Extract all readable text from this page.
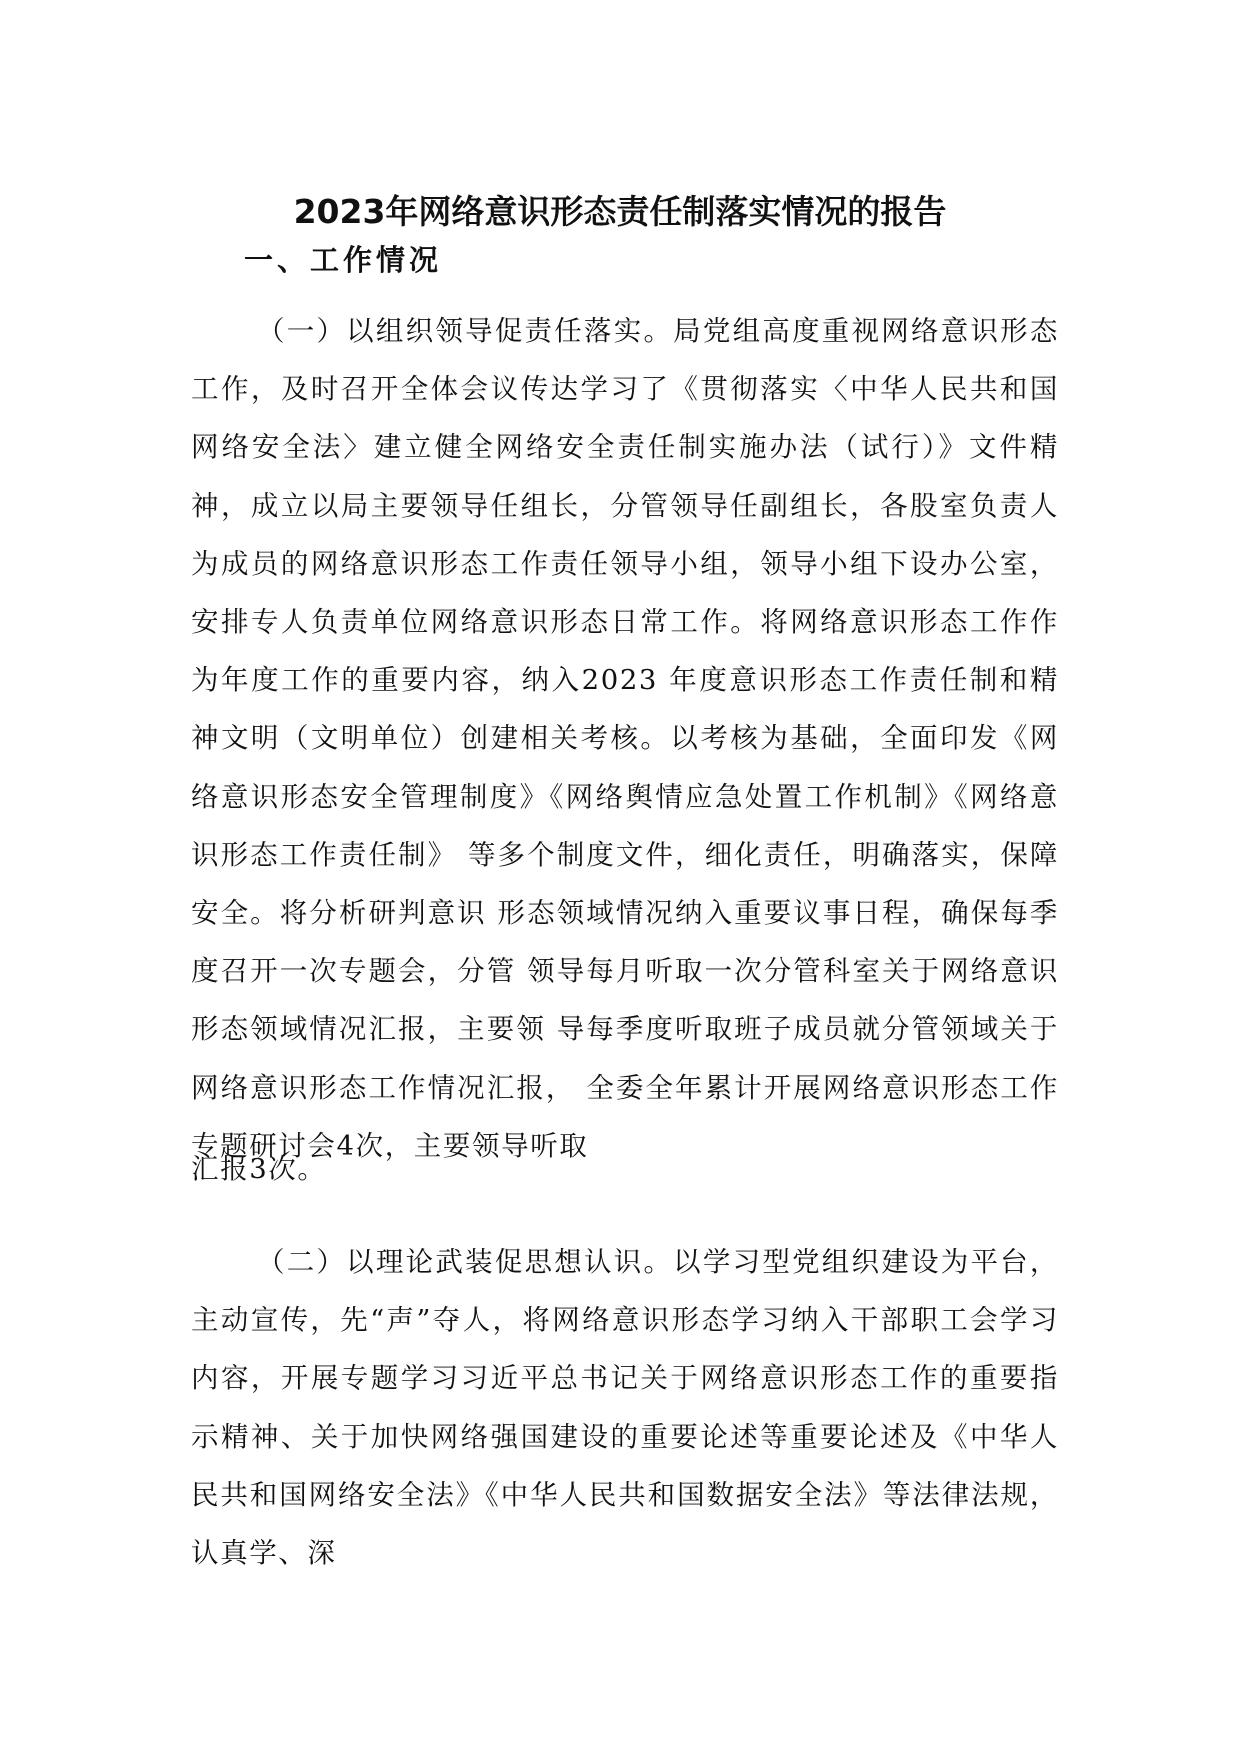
2023年网络意识形态责任制落实情况的报告
一、工作情况

（一）以组织领导促责任落实。局党组高度重视网络意识形态工作，及时召开全体会议传达学习了《贯彻落实〈中华人民共和国网络安全法〉建立健全网络安全责任制实施办法（试行）》文件精神，成立以局主要领导任组长，分管领导任副组长，各股室负责人为成员的网络意识形态工作责任领导小组，领导小组下设办公室，安排专人负责单位网络意识形态日常工作。将网络意识形态工作作为年度工作的重要内容，纳入2023 年度意识形态工作责任制和精神文明（文明单位）创建相关考核。以考核为基础，全面印发《网络意识形态安全管理制度》《网络舆情应急处置工作机制》《网络意识形态工作责任制》 等多个制度文件，细化责任，明确落实，保障安全。将分析研判意识 形态领域情况纳入重要议事日程，确保每季度召开一次专题会，分管 领导每月听取一次分管科室关于网络意识形态领域情况汇报，主要领 导每季度听取班子成员就分管领域关于网络意识形态工作情况汇报， 全委全年累计开展网络意识形态工作专题研讨会4次，主要领导听取

汇报3次。

（二）以理论武装促思想认识。以学习型党组织建设为平台，主动宣传，先“声”夺人，将网络意识形态学习纳入干部职工会学习内容，开展专题学习习近平总书记关于网络意识形态工作的重要指示精神、关于加快网络强国建设的重要论述等重要论述及《中华人民共和国网络安全法》《中华人民共和国数据安全法》等法律法规，认真学、深
